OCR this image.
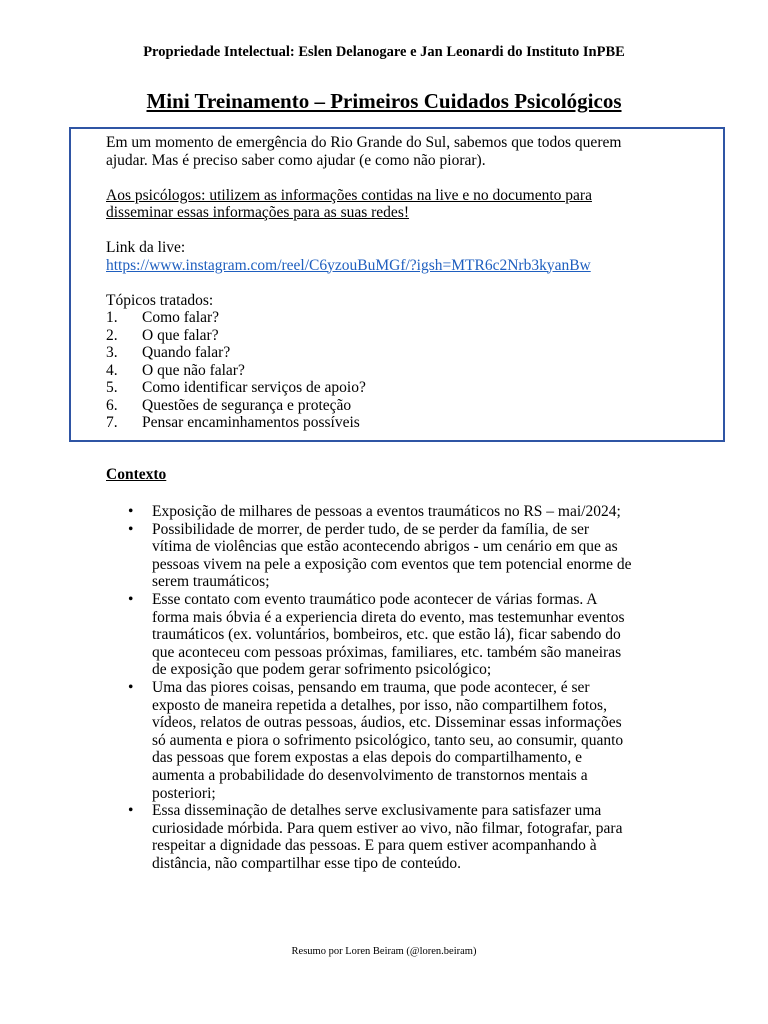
Propriedade Intelectual: Eslen Delanogare e Jan Leonardi do Instituto InPBE
Mini Treinamento – Primeiros Cuidados Psicológicos

Em um momento de emergência do Rio Grande do Sul, sabemos que todos querem

ajudar. Mas é preciso saber como ajudar (e como não piorar).

Aos psicólogos: utilizem as informações contidas na live e no documento para

disseminar essas informações para as suas redes!

Link da live:

https://www.instagram.com/reel/C6yzouBuMGf/?igsh=MTR6c2Nrb3kyanBw

Tópicos tratados:

1.	Como falar?
2.	O que falar?
3.	Quando falar?
4.	O que não falar?
5.	Como identificar serviços de apoio?
6.	Questões de segurança e proteção
7.	Pensar encaminhamentos possíveis
Contexto
• Exposição de milhares de pessoas a eventos traumáticos no RS – mai/2024;
• Possibilidade de morrer, de perder tudo, de se perder da família, de ser
vítima de violências que estão acontecendo abrigos - um cenário em que as
pessoas vivem na pele a exposição com eventos que tem potencial enorme de
serem traumáticos;
• Esse contato com evento traumático pode acontecer de várias formas. A
forma mais óbvia é a experiencia direta do evento, mas testemunhar eventos
traumáticos (ex. voluntários, bombeiros, etc. que estão lá), ficar sabendo do
que aconteceu com pessoas próximas, familiares, etc. também são maneiras
de exposição que podem gerar sofrimento psicológico;
• Uma das piores coisas, pensando em trauma, que pode acontecer, é ser
exposto de maneira repetida a detalhes, por isso, não compartilhem fotos,
vídeos, relatos de outras pessoas, áudios, etc. Disseminar essas informações
só aumenta e piora o sofrimento psicológico, tanto seu, ao consumir, quanto
das pessoas que forem expostas a elas depois do compartilhamento, e
aumenta a probabilidade do desenvolvimento de transtornos mentais a
posteriori;
• Essa disseminação de detalhes serve exclusivamente para satisfazer uma
curiosidade mórbida. Para quem estiver ao vivo, não filmar, fotografar, para
respeitar a dignidade das pessoas. E para quem estiver acompanhando à
distância, não compartilhar esse tipo de conteúdo.
Resumo por Loren Beiram (@loren.beiram)
